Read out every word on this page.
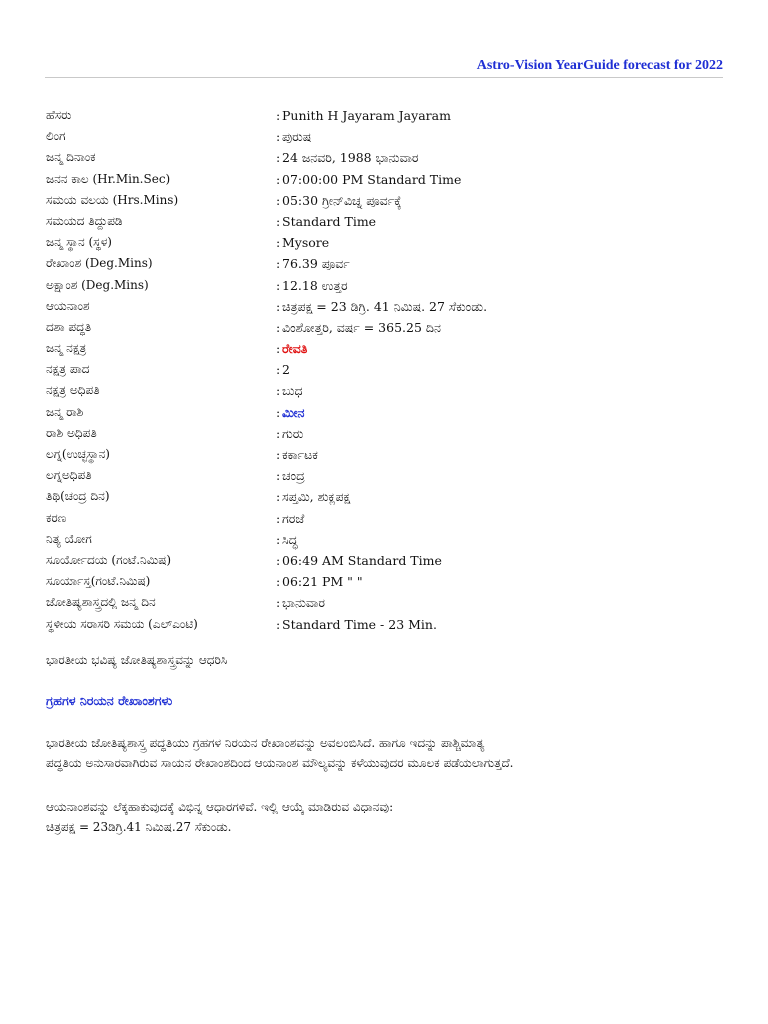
Astro-Vision YearGuide forecast for 2022
ಹೆಸರು	: Punith H Jayaram Jayaram
ಲಿಂಗ	: ಪುರುಷ
ಜನ್ಮ ದಿನಾಂಕ	: 24 ಜನವರಿ, 1988 ಭಾನುವಾರ
ಜನನ ಕಾಲ (Hr.Min.Sec)	: 07:00:00 PM Standard Time
ಸಮಯ ವಲಯ (Hrs.Mins)	: 05:30 ಗ್ರೀನ್‌ವಿಚ್ನ ಪೂರ್ವಕ್ಕೆ
ಸಮಯದ ತಿದ್ದುಪಡಿ	: Standard Time
ಜನ್ಮ ಸ್ಥಾನ (ಸ್ಥಳ)	: Mysore
ರೇಖಾಂಶ (Deg.Mins)	: 76.39 ಪೂರ್ವ
ಅಕ್ಷಾಂಶ (Deg.Mins)	: 12.18 ಉತ್ತರ
ಆಯನಾಂಶ	: ಚಿತ್ರಪಕ್ಷ = 23 ಡಿಗ್ರಿ. 41 ನಿಮಿಷ. 27 ಸೆಕುಂಡು.
ದಶಾ ಪದ್ಧತಿ	: ವಿಂಶೋತ್ತರಿ, ವರ್ಷ = 365.25 ದಿನ
ಜನ್ಮ ನಕ್ಷತ್ರ	: ರೇವತಿ
ನಕ್ಷತ್ರ ಪಾದ	: 2
ನಕ್ಷತ್ರ ಅಧಿಪತಿ	: ಬುಧ
ಜನ್ಮ ರಾಶಿ	: ಮೀನ
ರಾಶಿ ಅಧಿಪತಿ	: ಗುರು
ಲಗ್ನ(ಉಚ್ಛಸ್ಥಾನ)	: ಕರ್ಕಾಟಕ
ಲಗ್ನಅಧಿಪತಿ	: ಚಂದ್ರ
ತಿಥಿ(ಚಂದ್ರ ದಿನ)	: ಸಪ್ತಮಿ, ಶುಕ್ಲಪಕ್ಷ
ಕರಣ	: ಗರಜೆ
ನಿತ್ಯ ಯೋಗ	: ಸಿದ್ಧ
ಸೂರ್ಯೋದಯ (ಗಂಟೆ.ನಿಮಿಷ)	: 06:49 AM Standard Time
ಸೂರ್ಯಾಸ್ತ(ಗಂಟೆ.ನಿಮಿಷ)	: 06:21 PM " "
ಜೋತಿಷ್ಯಶಾಸ್ತ್ರದಲ್ಲಿ ಜನ್ಮ ದಿನ	: ಭಾನುವಾರ
ಸ್ಥಳೀಯ ಸರಾಸರಿ ಸಮಯ (ಎಲ್‌ಎಂಟಿ)	: Standard Time - 23 Min.
ಭಾರತೀಯ ಭವಿಷ್ಯ ಜೋತಿಷ್ಯಶಾಸ್ತ್ರವನ್ನು ಆಧರಿಸಿ
ಗ್ರಹಗಳ ನಿರಯನ ರೇಖಾಂಶಗಳು
ಭಾರತೀಯ ಜೋತಿಷ್ಯಶಾಸ್ತ್ರ ಪದ್ಧತಿಯು ಗ್ರಹಗಳ ನಿರಯನ ರೇಖಾಂಶವನ್ನು ಅವಲಂಬಿಸಿದೆ. ಹಾಗೂ ಇದನ್ನು ಪಾಶ್ಚಿಮಾತ್ಯ
ಪದ್ಧತಿಯ ಅನುಸಾರವಾಗಿರುವ ಸಾಯನ ರೇಖಾಂಶದಿಂದ ಆಯನಾಂಶ ಮೌಲ್ಯವನ್ನು ಕಳೆಯುವುದರ ಮೂಲಕ ಪಡೆಯಲಾಗುತ್ತದೆ.
ಆಯನಾಂಶವನ್ನು ಲೆಕ್ಕಹಾಕುವುದಕ್ಕೆ ವಿಭಿನ್ನ ಆಧಾರಗಳಿವೆ. ಇಲ್ಲಿ ಆಯ್ಕೆ ಮಾಡಿರುವ ವಿಧಾನವು:
ಚಿತ್ರಪಕ್ಷ = 23ಡಿಗ್ರಿ.41 ನಿಮಿಷ.27 ಸೆಕುಂಡು.
